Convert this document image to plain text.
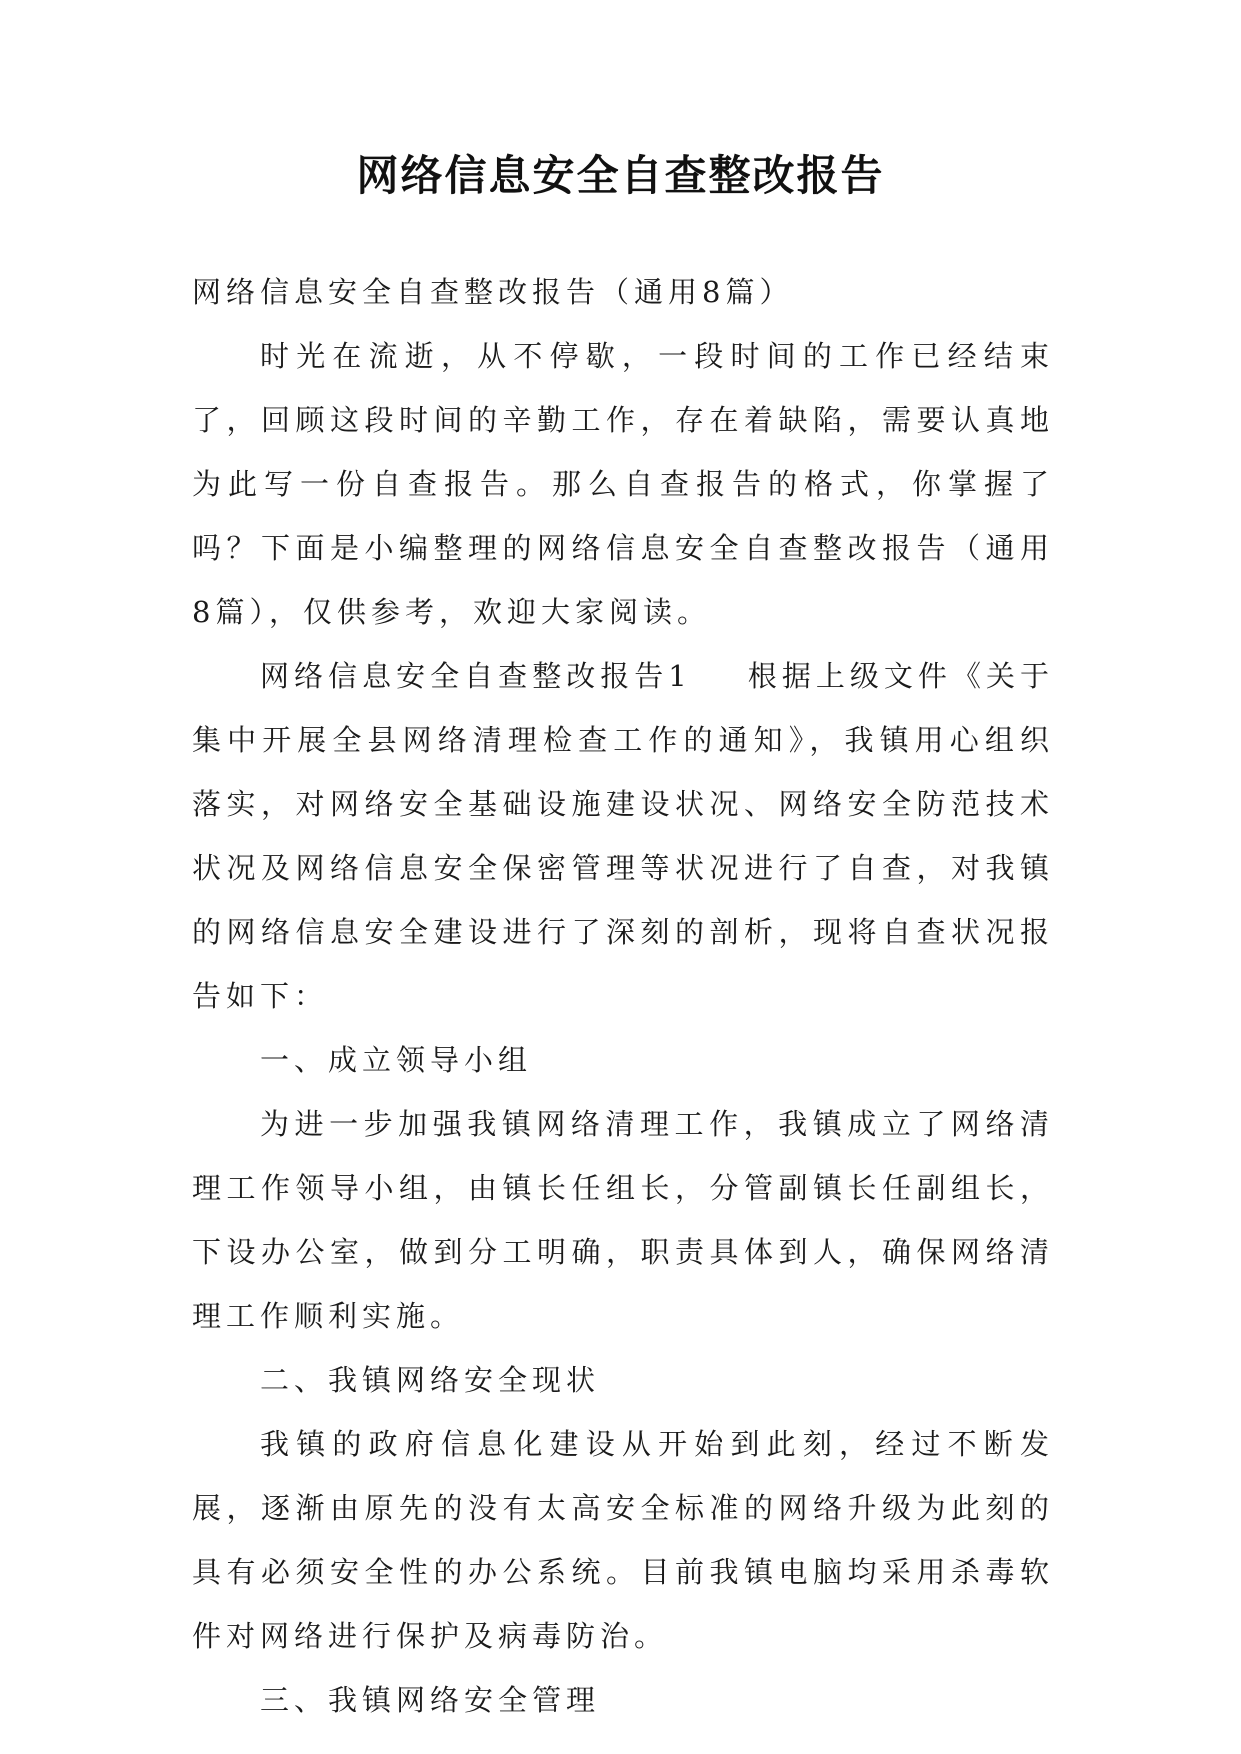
网络信息安全自查整改报告

网络信息安全自查整改报告（通用8篇）

时光在流逝，从不停歇，一段时间的工作已经结束了，回顾这段时间的辛勤工作，存在着缺陷，需要认真地为此写一份自查报告。那么自查报告的格式，你掌握了吗？下面是小编整理的网络信息安全自查整改报告（通用8篇），仅供参考，欢迎大家阅读。

网络信息安全自查整改报告1 根据上级文件《关于集中开展全县网络清理检查工作的通知》，我镇用心组织落实，对网络安全基础设施建设状况、网络安全防范技术状况及网络信息安全保密管理等状况进行了自查，对我镇的网络信息安全建设进行了深刻的剖析，现将自查状况报告如下：

一、成立领导小组

为进一步加强我镇网络清理工作，我镇成立了网络清理工作领导小组，由镇长任组长，分管副镇长任副组长，下设办公室，做到分工明确，职责具体到人，确保网络清理工作顺利实施。

二、我镇网络安全现状

我镇的政府信息化建设从开始到此刻，经过不断发展，逐渐由原先的没有太高安全标准的网络升级为此刻的具有必须安全性的办公系统。目前我镇电脑均采用杀毒软件对网络进行保护及病毒防治。

三、我镇网络安全管理
